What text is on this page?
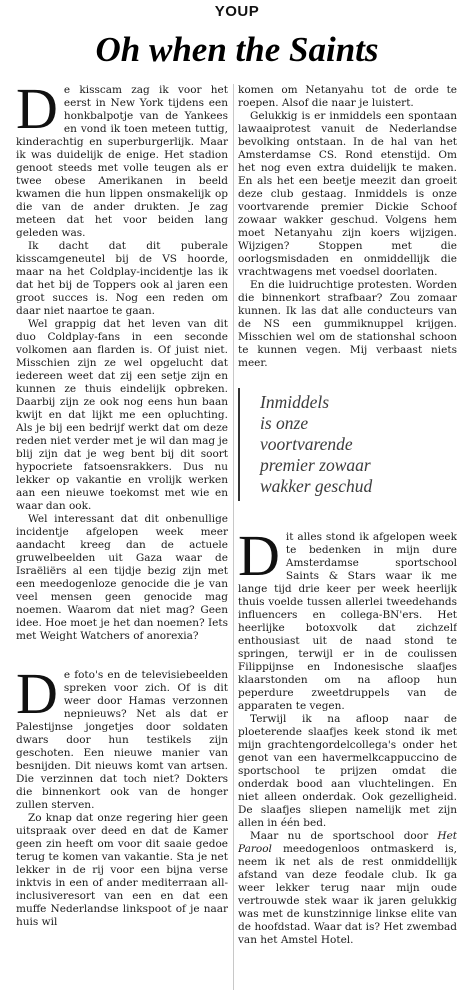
YOUP
Oh when the Saints

De kisscam zag ik voor het eerst in New York tijdens een honkbalpotje van de Yankees en vond ik toen meteen tuttig, kinderachtig en superburgerlijk. Maar ik was duidelijk de enige. Het stadion genoot steeds met volle teugen als er twee obese Amerikanen in beeld kwamen die hun lippen onsmakelijk op die van de ander drukten. Je zag meteen dat het voor beiden lang geleden was.

Ik dacht dat dit puberale kisscamgeneutel bij de VS hoorde, maar na het Coldplay-incidentje las ik dat het bij de Toppers ook al jaren een groot succes is. Nog een reden om daar niet naartoe te gaan.

Wel grappig dat het leven van dit duo Coldplay-fans in een seconde volkomen aan flarden is. Of juist niet. Misschien zijn ze wel opgelucht dat iedereen weet dat zij een setje zijn en kunnen ze thuis eindelijk opbreken. Daarbij zijn ze ook nog eens hun baan kwijt en dat lijkt me een opluchting. Als je bij een bedrijf werkt dat om deze reden niet verder met je wil dan mag je blij zijn dat je weg bent bij dit soort hypocriete fatsoensrakkers. Dus nu lekker op vakantie en vrolijk werken aan een nieuwe toekomst met wie en waar dan ook.

Wel interessant dat dit onbenullige incidentje afgelopen week meer aandacht kreeg dan de actuele gruwelbeelden uit Gaza waar de Israëliërs al een tijdje bezig zijn met een meedogenloze genocide die je van veel mensen geen genocide mag noemen. Waarom dat niet mag? Geen idee. Hoe moet je het dan noemen? Iets met Weight Watchers of anorexia?

De foto's en de televisiebeelden spreken voor zich. Of is dit weer door Hamas verzonnen nepnieuws? Net als dat er Palestijnse jongetjes door soldaten dwars door hun testikels zijn geschoten. Een nieuwe manier van besnijden. Dit nieuws komt van artsen. Die verzinnen dat toch niet? Dokters die binnenkort ook van de honger zullen sterven.

Zo knap dat onze regering hier geen uitspraak over deed en dat de Kamer geen zin heeft om voor dit saaie gedoe terug te komen van vakantie. Sta je net lekker in de rij voor een bijna verse inktvis in een of ander mediterraan all-inclusiveresort van een en dat een muffe Nederlandse linkspoot of je naar huis wil

komen om Netanyahu tot de orde te roepen. Alsof die naar je luistert.

Gelukkig is er inmiddels een spontaan lawaaiprotest vanuit de Nederlandse bevolking ontstaan. In de hal van het Amsterdamse CS. Rond etenstijd. Om het nog even extra duidelijk te maken. En als het een beetje meezit dan groeit deze club gestaag. Inmiddels is onze voortvarende premier Dickie Schoof zowaar wakker geschud. Volgens hem moet Netanyahu zijn koers wijzigen. Wijzigen? Stoppen met die oorlogsmisdaden en onmiddellijk die vrachtwagens met voedsel doorlaten.

En die luidruchtige protesten. Worden die binnenkort strafbaar? Zou zomaar kunnen. Ik las dat alle conducteurs van de NS een gummiknuppel krijgen. Misschien wel om de stationshal schoon te kunnen vegen. Mij verbaast niets meer.

Inmiddels
is onze
voortvarende
premier zowaar
wakker geschud

Dit alles stond ik afgelopen week te bedenken in mijn dure Amsterdamse sportschool Saints & Stars waar ik me lange tijd drie keer per week heerlijk thuis voelde tussen allerlei tweedehands influencers en collega-BN'ers. Het heerlijke botoxvolk dat zichzelf enthousiast uit de naad stond te springen, terwijl er in de coulissen Filippijnse en Indonesische slaafjes klaarstonden om na afloop hun peperdure zweetdruppels van de apparaten te vegen.

Terwijl ik na afloop naar de ploeterende slaafjes keek stond ik met mijn grachtengordelcollega's onder het genot van een havermelkcappuccino de sportschool te prijzen omdat die onderdak bood aan vluchtelingen. En niet alleen onderdak. Ook gezelligheid. De slaafjes sliepen namelijk met zijn allen in één bed.

Maar nu de sportschool door Het Parool meedogenloos ontmaskerd is, neem ik net als de rest onmiddellijk afstand van deze feodale club. Ik ga weer lekker terug naar mijn oude vertrouwde stek waar ik jaren gelukkig was met de kunstzinnige linkse elite van de hoofdstad. Waar dat is? Het zwembad van het Amstel Hotel.
